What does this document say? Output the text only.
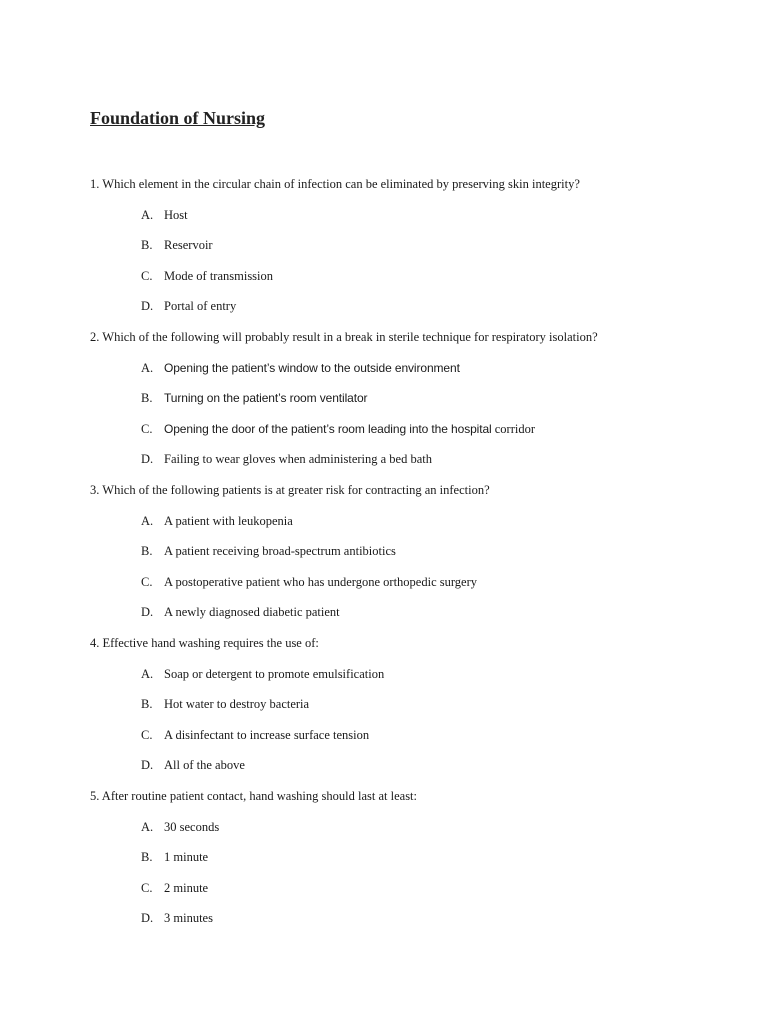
Foundation of Nursing
1. Which element in the circular chain of infection can be eliminated by preserving skin integrity?
A. Host
B. Reservoir
C. Mode of transmission
D. Portal of entry
2. Which of the following will probably result in a break in sterile technique for respiratory isolation?
A. Opening the patient’s window to the outside environment
B. Turning on the patient’s room ventilator
C. Opening the door of the patient’s room leading into the hospital corridor
D. Failing to wear gloves when administering a bed bath
3. Which of the following patients is at greater risk for contracting an infection?
A. A patient with leukopenia
B. A patient receiving broad-spectrum antibiotics
C. A postoperative patient who has undergone orthopedic surgery
D. A newly diagnosed diabetic patient
4. Effective hand washing requires the use of:
A. Soap or detergent to promote emulsification
B. Hot water to destroy bacteria
C. A disinfectant to increase surface tension
D. All of the above
5. After routine patient contact, hand washing should last at least:
A. 30 seconds
B. 1 minute
C. 2 minute
D. 3 minutes
